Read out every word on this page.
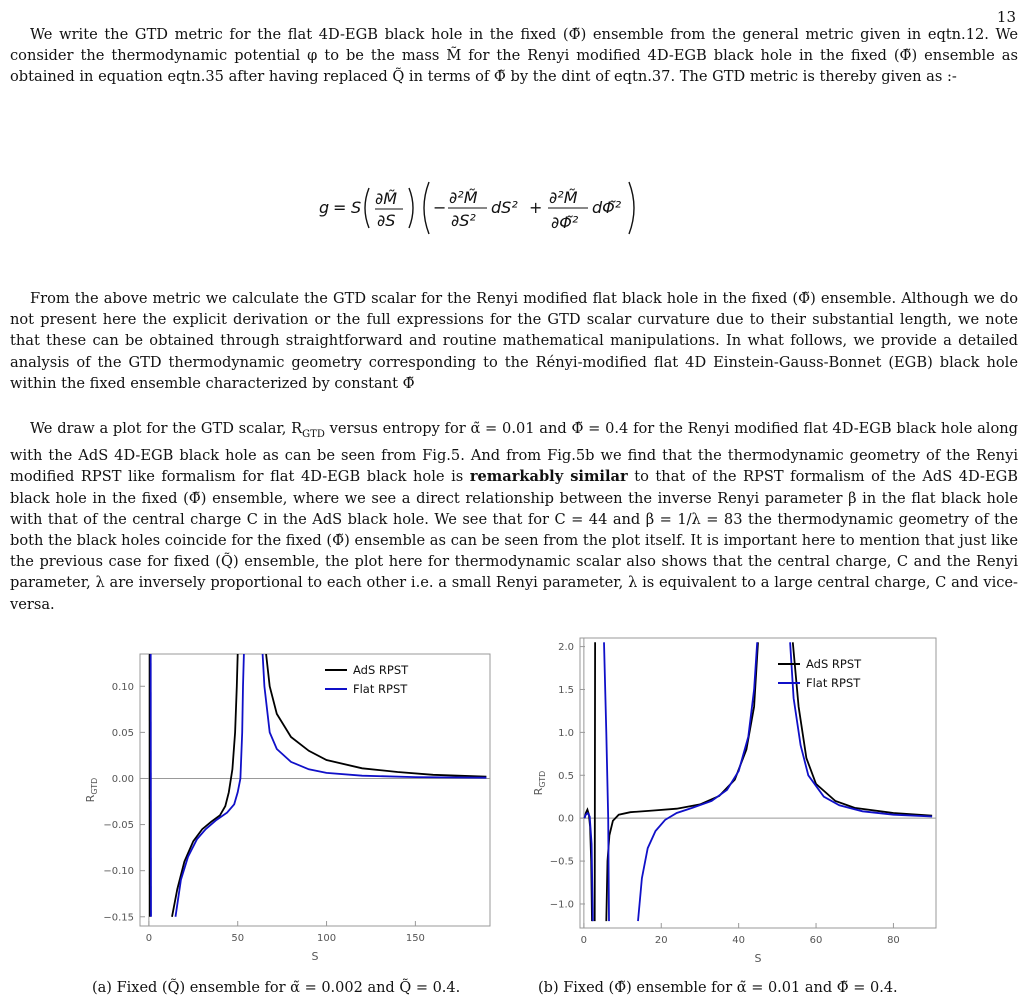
13

We write the GTD metric for the flat 4D-EGB black hole in the fixed (Φ̃) ensemble from the general metric given in eqtn.12. We consider the thermodynamic potential φ to be the mass M̃ for the Renyi modified 4D-EGB black hole in the fixed (Φ̃) ensemble as obtained in equation eqtn.35 after having replaced Q̃ in terms of Φ̃ by the dint of eqtn.37. The GTD metric is thereby given as :-

g = S ∂M̃
∂S
−
∂²M̃
∂S²
dS² +
∂²M̃
∂Φ̃²
dΦ̃²

From the above metric we calculate the GTD scalar for the Renyi modified flat black hole in the fixed (Φ̃) ensemble. Although we do not present here the explicit derivation or the full expressions for the GTD scalar curvature due to their substantial length, we note that these can be obtained through straightforward and routine mathematical manipulations. In what follows, we provide a detailed analysis of the GTD thermodynamic geometry corresponding to the Rényi-modified flat 4D Einstein-Gauss-Bonnet (EGB) black hole within the fixed ensemble characterized by constant Φ̃

We draw a plot for the GTD scalar, $R_{GTD}$ versus entropy for α̃ = 0.01 and Φ̃ = 0.4 for the Renyi modified flat 4D-EGB black hole along with the AdS 4D-EGB black hole as can be seen from Fig.5. And from Fig.5b we find that the thermodynamic geometry of the Renyi modified RPST like formalism for flat 4D-EGB black hole is remarkably similar to that of the RPST formalism of the AdS 4D-EGB black hole in the fixed (Φ̃) ensemble, where we see a direct relationship between the inverse Renyi parameter β in the flat black hole with that of the central charge C in the AdS black hole. We see that for C = 44 and β = 1/λ = 83 the thermodynamic geometry of the both the black holes coincide for the fixed (Φ̃) ensemble as can be seen from the plot itself. It is important here to mention that just like the previous case for fixed (Q̃) ensemble, the plot here for thermodynamic scalar also shows that the central charge, C and the Renyi parameter, λ are inversely proportional to each other i.e. a small Renyi parameter, λ is equivalent to a large central charge, C and vice-versa.

0	50	100	150
−0.15
−0.10
−0.05
0.00
0.05
0.10
S
$R_{GTD}$
AdS RPST
Flat RPST
(a) Fixed (Q̃) ensemble for α̃ = 0.002 and Q̃ = 0.4.
0	20	40	60	80
−1.0
−0.5
0.0
0.5
1.0
1.5
2.0
S
$R_{GTD}$
AdS RPST
Flat RPST
(b) Fixed (Φ̃) ensemble for α̃ = 0.01 and Φ̃ = 0.4.
